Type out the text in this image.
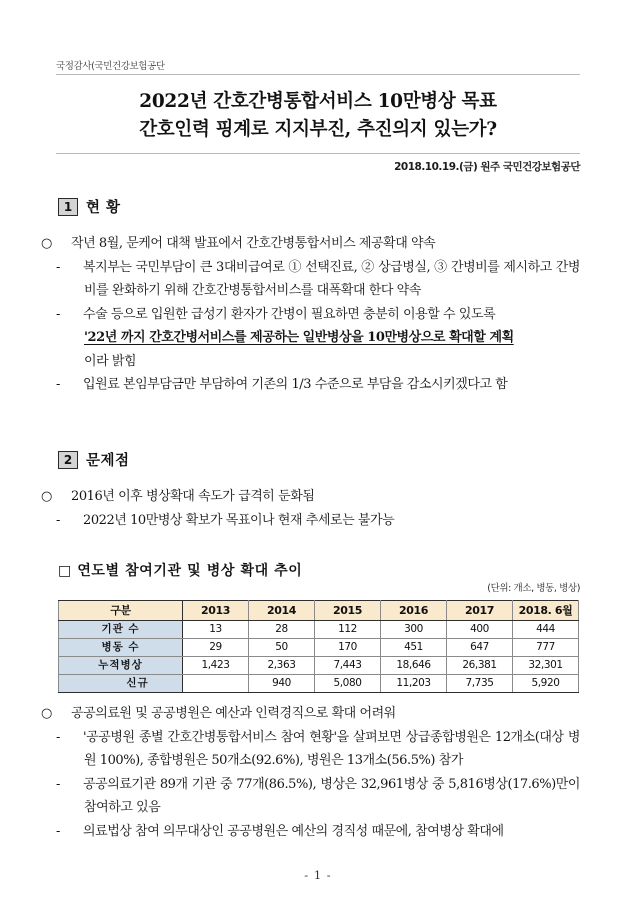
국정감사(국민건강보험공단
2022년 간호간병통합서비스 10만병상 목표
간호인력 핑계로 지지부진, 추진의지 있는가?
2018.10.19.(금) 원주 국민건강보험공단
1 현 황
○ 작년 8월, 문케어 대책 발표에서 간호간병통합서비스 제공확대 약속
- 복지부는 국민부담이 큰 3대비급여로 ① 선택진료, ② 상급병실, ③ 간병비를 제시하고 간병비를 완화하기 위해 간호간병통합서비스를 대폭확대 한다 약속
- 수술 등으로 입원한 급성기 환자가 간병이 필요하면 충분히 이용할 수 있도록
'22년 까지 간호간병서비스를 제공하는 일반병상을 10만병상으로 확대할 계획
이라 밝힘
- 입원료 본임부담금만 부담하여 기존의 1/3 수준으로 부담을 감소시키겠다고 함
2 문제점
○ 2016년 이후 병상확대 속도가 급격히 둔화됨
- 2022년 10만병상 확보가 목표이나 현재 추세로는 불가능
□ 연도별 참여기관 및 병상 확대 추이
(단위: 개소, 병동, 병상)
구분	2013	2014	2015	2016	2017	2018. 6월
기관 수	13	28	112	300	400	444
병동 수	29	50	170	451	647	777
누적병상	1,423	2,363	7,443	18,646	26,381	32,301
신규		940	5,080	11,203	7,735	5,920
○ 공공의료원 및 공공병원은 예산과 인력경직으로 확대 어려워
- '공공병원 종별 간호간병통합서비스 참여 현황'을 살펴보면 상급종합병원은 12개소(대상 병원 100%), 종합병원은 50개소(92.6%), 병원은 13개소(56.5%) 참가
- 공공의료기관 89개 기관 중 77개(86.5%), 병상은 32,961병상 중 5,816병상(17.6%)만이 참여하고 있음
- 의료법상 참여 의무대상인 공공병원은 예산의 경직성 때문에, 참여병상 확대에
- 1 -
